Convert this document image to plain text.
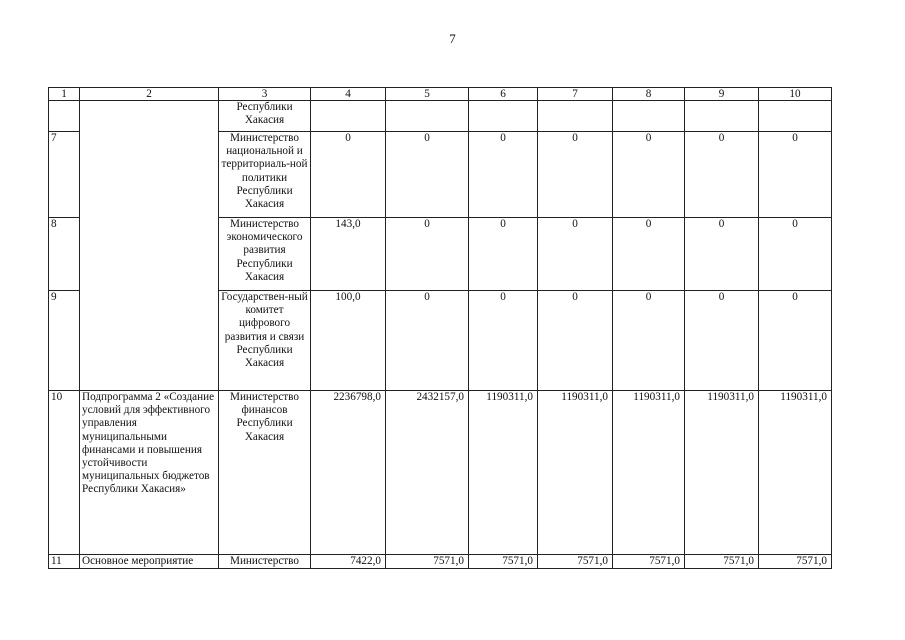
7
1	2	3	4	5	6	7	8	9	10
		Республики Хакасия							
7		Министерство национальной и территориаль-ной политики Республики Хакасия	0	0	0	0	0	0	0
8		Министерство экономического развития Республики Хакасия	143,0	0	0	0	0	0	0
9		Государствен-ный комитет цифрового развития и связи Республики Хакасия	100,0	0	0	0	0	0	0
10	Подпрограмма 2 «Создание условий для эффективного управления муниципальными финансами и повышения устойчивости муниципальных бюджетов Республики Хакасия»	Министерство финансов Республики Хакасия	2236798,0	2432157,0	1190311,0	1190311,0	1190311,0	1190311,0	1190311,0
11	Основное мероприятие	Министерство	7422,0	7571,0	7571,0	7571,0	7571,0	7571,0	7571,0
